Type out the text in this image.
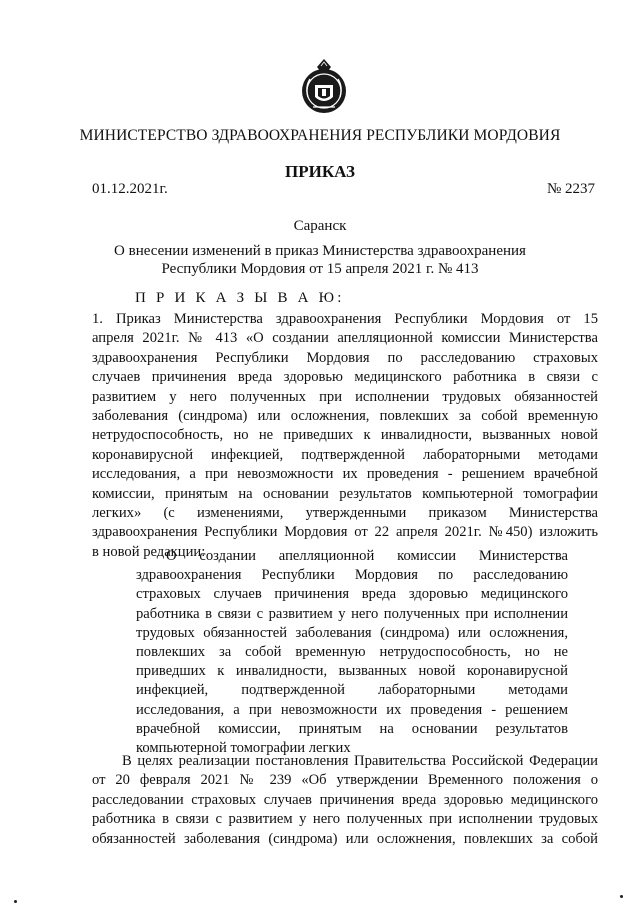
МИНИСТЕРСТВО ЗДРАВООХРАНЕНИЯ РЕСПУБЛИКИ МОРДОВИЯ
ПРИКАЗ
01.12.2021г.	№ 2237
Саранск
О внесении изменений в приказ Министерства здравоохранения
Республики Мордовия от 15 апреля 2021 г. № 413
П Р И К А З Ы В А Ю:
1. Приказ Министерства здравоохранения Республики Мордовия от 15
апреля 2021г. № 413 «О создании апелляционной комиссии Министерства
здравоохранения Республики Мордовия по расследованию страховых
случаев причинения вреда здоровью медицинского работника в связи с
развитием у него полученных при исполнении трудовых обязанностей
заболевания (синдрома) или осложнения, повлекших за собой временную
нетрудоспособность, но не приведших к инвалидности, вызванных новой
коронавирусной инфекцией, подтвержденной лабораторными методами
исследования, а при невозможности их проведения - решением врачебной
комиссии, принятым на основании результатов компьютерной томографии
легких» (с изменениями, утвержденными приказом Министерства
здравоохранения Республики Мордовия от 22 апреля 2021г. №450) изложить
в новой редакции:
О создании апелляционной комиссии Министерства
здравоохранения Республики Мордовия по расследованию
страховых случаев причинения вреда здоровью медицинского
работника в связи с развитием у него полученных при исполнении
трудовых обязанностей заболевания (синдрома) или осложнения,
повлекших за собой временную нетрудоспособность, но не
приведших к инвалидности, вызванных новой коронавирусной
инфекцией, подтвержденной лабораторными методами
исследования, а при невозможности их проведения - решением
врачебной комиссии, принятым на основании результатов
компьютерной томографии легких
В целях реализации постановления Правительства Российской Федерации
от 20 февраля 2021 № 239 «Об утверждении Временного положения о
расследовании страховых случаев причинения вреда здоровью медицинского
работника в связи с развитием у него полученных при исполнении трудовых
обязанностей заболевания (синдрома) или осложнения, повлекших за собой
